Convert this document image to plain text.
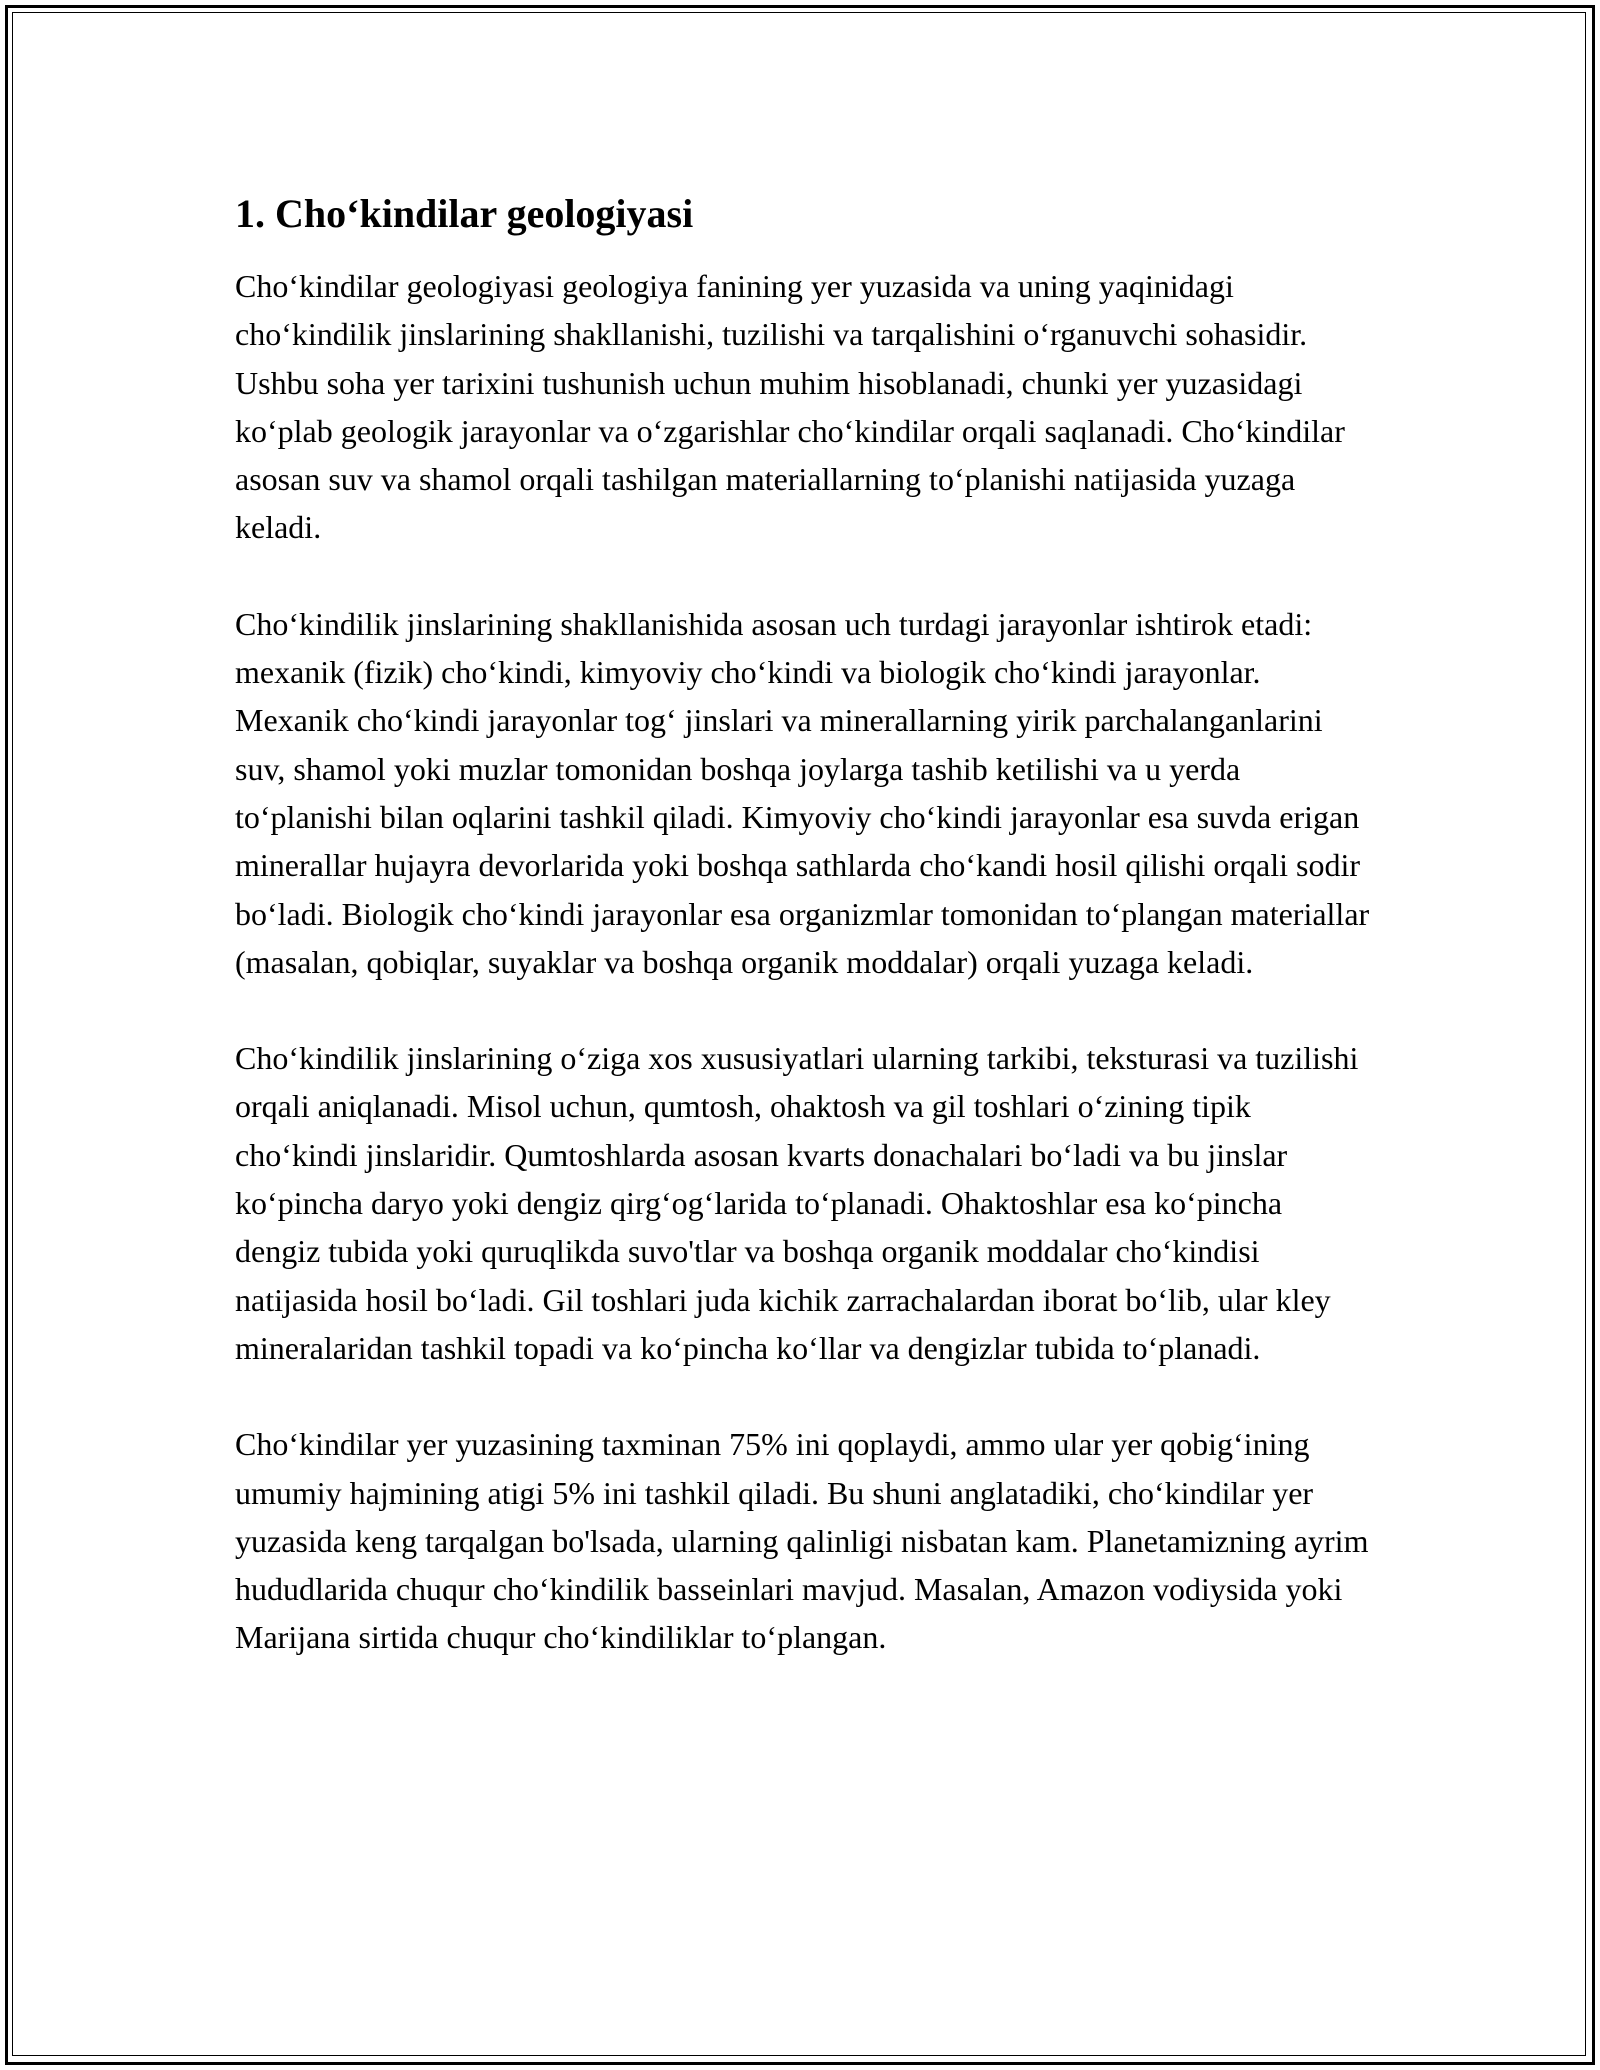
1. Cho‘kindilar geologiyasi

Cho‘kindilar geologiyasi geologiya fanining yer yuzasida va uning yaqinidagi cho‘kindilik jinslarining shakllanishi, tuzilishi va tarqalishini o‘rganuvchi sohasidir. Ushbu soha yer tarixini tushunish uchun muhim hisoblanadi, chunki yer yuzasidagi ko‘plab geologik jarayonlar va o‘zgarishlar cho‘kindilar orqali saqlanadi. Cho‘kindilar asosan suv va shamol orqali tashilgan materiallarning to‘planishi natijasida yuzaga keladi.

Cho‘kindilik jinslarining shakllanishida asosan uch turdagi jarayonlar ishtirok etadi: mexanik (fizik) cho‘kindi, kimyoviy cho‘kindi va biologik cho‘kindi jarayonlar. Mexanik cho‘kindi jarayonlar tog‘ jinslari va minerallarning yirik parchalanganlarini suv, shamol yoki muzlar tomonidan boshqa joylarga tashib ketilishi va u yerda to‘planishi bilan oqlarini tashkil qiladi. Kimyoviy cho‘kindi jarayonlar esa suvda erigan minerallar hujayra devorlarida yoki boshqa sathlarda cho‘kandi hosil qilishi orqali sodir bo‘ladi. Biologik cho‘kindi jarayonlar esa organizmlar tomonidan to‘plangan materiallar (masalan, qobiqlar, suyaklar va boshqa organik moddalar) orqali yuzaga keladi.

Cho‘kindilik jinslarining o‘ziga xos xususiyatlari ularning tarkibi, teksturasi va tuzilishi orqali aniqlanadi. Misol uchun, qumtosh, ohaktosh va gil toshlari o‘zining tipik cho‘kindi jinslaridir. Qumtoshlarda asosan kvarts donachalari bo‘ladi va bu jinslar ko‘pincha daryo yoki dengiz qirg‘og‘larida to‘planadi. Ohaktoshlar esa ko‘pincha dengiz tubida yoki quruqlikda suvo'tlar va boshqa organik moddalar cho‘kindisi natijasida hosil bo‘ladi. Gil toshlari juda kichik zarrachalardan iborat bo‘lib, ular kley mineralaridan tashkil topadi va ko‘pincha ko‘llar va dengizlar tubida to‘planadi.

Cho‘kindilar yer yuzasining taxminan 75% ini qoplaydi, ammo ular yer qobig‘ining umumiy hajmining atigi 5% ini tashkil qiladi. Bu shuni anglatadiki, cho‘kindilar yer yuzasida keng tarqalgan bo'lsada, ularning qalinligi nisbatan kam. Planetamizning ayrim hududlarida chuqur cho‘kindilik basseinlari mavjud. Masalan, Amazon vodiysida yoki Marijana sirtida chuqur cho‘kindiliklar to‘plangan.
